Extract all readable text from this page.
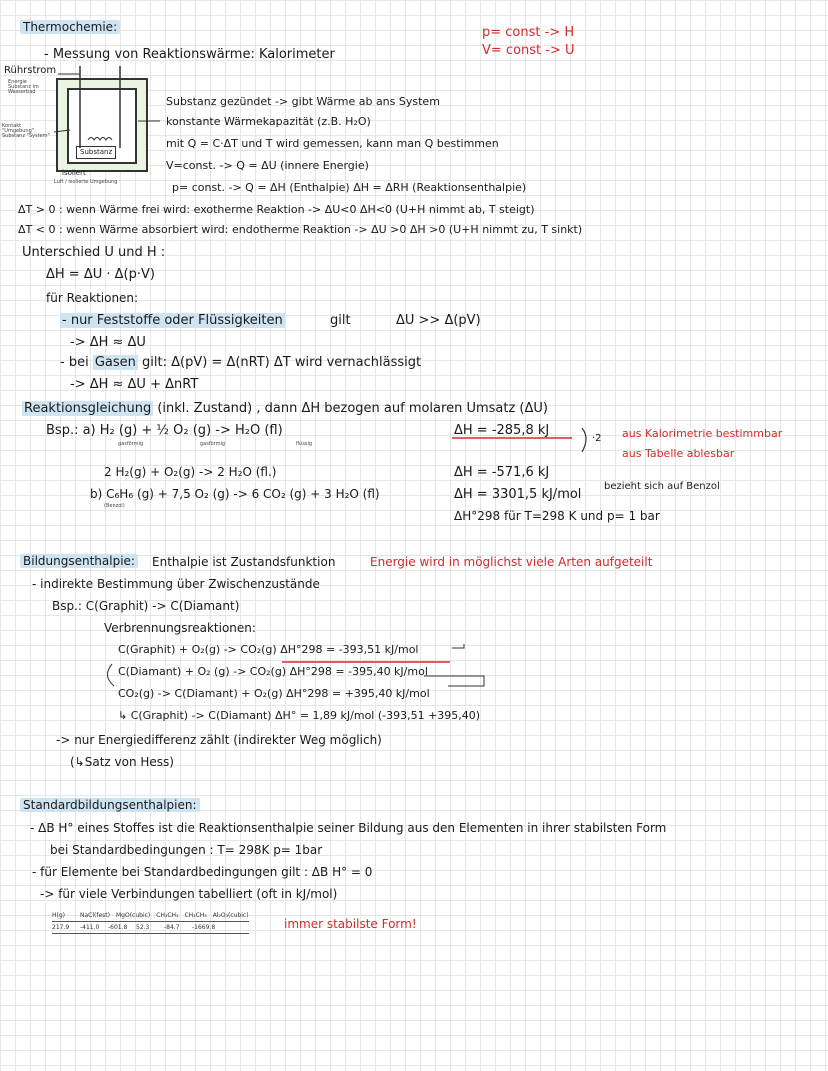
Thermochemie:	p= const -> H
V= const -> U
- Messung von Reaktionswärme: Kalorimeter
Rührstrom
Energie Substanz im Wasserbad
Kontakt "Umgebung" Substanz "System"
Substanz
isoliert
Luft / isolierte Umgebung
Substanz gezündet -> gibt Wärme ab ans System
konstante Wärmekapazität (z.B. H₂O)
mit Q = C·ΔT und T wird gemessen, kann man Q bestimmen
V=const. -> Q = ΔU (innere Energie)
p= const. -> Q = ΔH (Enthalpie) ΔH = ΔRH (Reaktionsenthalpie)
ΔT > 0 : wenn Wärme frei wird: exotherme Reaktion -> ΔU<0 ΔH<0 (U+H nimmt ab, T steigt)
ΔT < 0 : wenn Wärme absorbiert wird: endotherme Reaktion -> ΔU >0 ΔH >0 (U+H nimmt zu, T sinkt)
Unterschied U und H :
ΔH = ΔU · Δ(p·V)
für Reaktionen:
- nur Feststoffe oder Flüssigkeiten	gilt	ΔU >> Δ(pV)
-> ΔH ≈ ΔU
- bei Gasen gilt: Δ(pV) = Δ(nRT) ΔT wird vernachlässigt
-> ΔH ≈ ΔU + ΔnRT
Reaktionsgleichung (inkl. Zustand) , dann ΔH bezogen auf molaren Umsatz (ΔU)
Bsp.: a) H₂ (g) + ½ O₂ (g) -> H₂O (fl)
gasförmig	gasförmig	flüssig
ΔH = -285,8 kJ
·2 aus Kalorimetrie bestimmbar
aus Tabelle ablesbar
2 H₂(g) + O₂(g) -> 2 H₂O (fl.)	ΔH = -571,6 kJ
b) C₆H₆ (g) + 7,5 O₂ (g) -> 6 CO₂ (g) + 3 H₂O (fl)
(Benzol)
ΔH = 3301,5 kJ/mol
bezieht sich auf Benzol
ΔH°298 für T=298 K und p= 1 bar
Bildungsenthalpie: Enthalpie ist Zustandsfunktion	Energie wird in möglichst viele Arten aufgeteilt
- indirekte Bestimmung über Zwischenzustände
Bsp.: C(Graphit) -> C(Diamant)
Verbrennungsreaktionen:
C(Graphit) + O₂(g) -> CO₂(g) ΔH°298 = -393,51 kJ/mol
C(Diamant) + O₂ (g) -> CO₂(g) ΔH°298 = -395,40 kJ/mol
CO₂(g) -> C(Diamant) + O₂(g) ΔH°298 = +395,40 kJ/mol
↳ C(Graphit) -> C(Diamant) ΔH° = 1,89 kJ/mol (-393,51 +395,40)
-> nur Energiedifferenz zählt (indirekter Weg möglich)
(↳Satz von Hess)
Standardbildungsenthalpien:
- ΔB H° eines Stoffes ist die Reaktionsenthalpie seiner Bildung aus den Elementen in ihrer stabilsten Form
bei Standardbedingungen : T= 298K p= 1bar
- für Elemente bei Standardbedingungen gilt : ΔB H° = 0
-> für viele Verbindungen tabelliert (oft in kJ/mol)
immer stabilste Form!
H(g)	NaCl(fest) MgO(cubic) CH₃CH₃ CH₃CH₃ Al₂O₃(cubic)
217.9	-411.0	-601.8	52.3	-84.7	-1669.8
